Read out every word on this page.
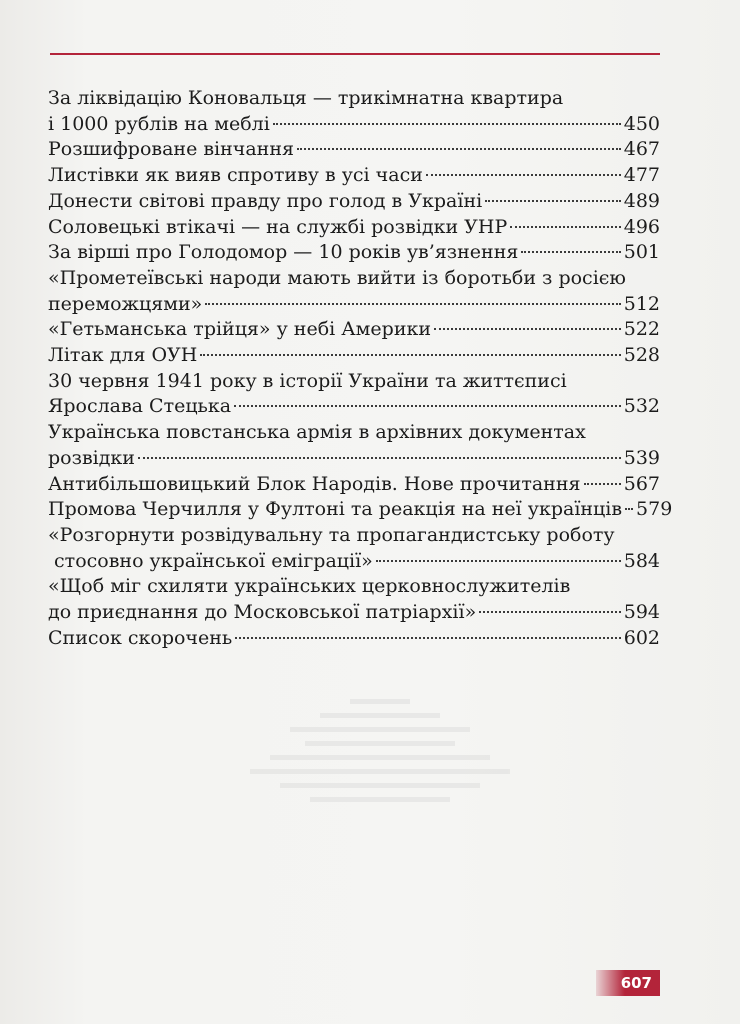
За ліквідацію Коновальця — трикімнатна квартира
і 1000 рублів на меблі	450
Розшифроване вінчання	467
Листівки як вияв спротиву в усі часи	477
Донести світові правду про голод в Україні	489
Соловецькі втікачі — на службі розвідки УНР	496
За вірші про Голодомор — 10 років ув’язнення	501
«Прометеївські народи мають вийти із боротьби з росією
переможцями»	512
«Гетьманська трійця» у небі Америки	522
Літак для ОУН	528
30 червня 1941 року в історії України та життєписі
Ярослава Стецька	532
Українська повстанська армія в архівних документах
розвідки	539
Антибільшовицький Блок Народів. Нове прочитання 567
Промова Черчилля у Фултоні та реакція на неї українців 579
«Розгорнути розвідувальну та пропагандистську роботу
стосовно української еміграції»	584
«Щоб міг схиляти українських церковнослужителів
до приєднання до Московської патріархії»	594
Список скорочень	602
607
